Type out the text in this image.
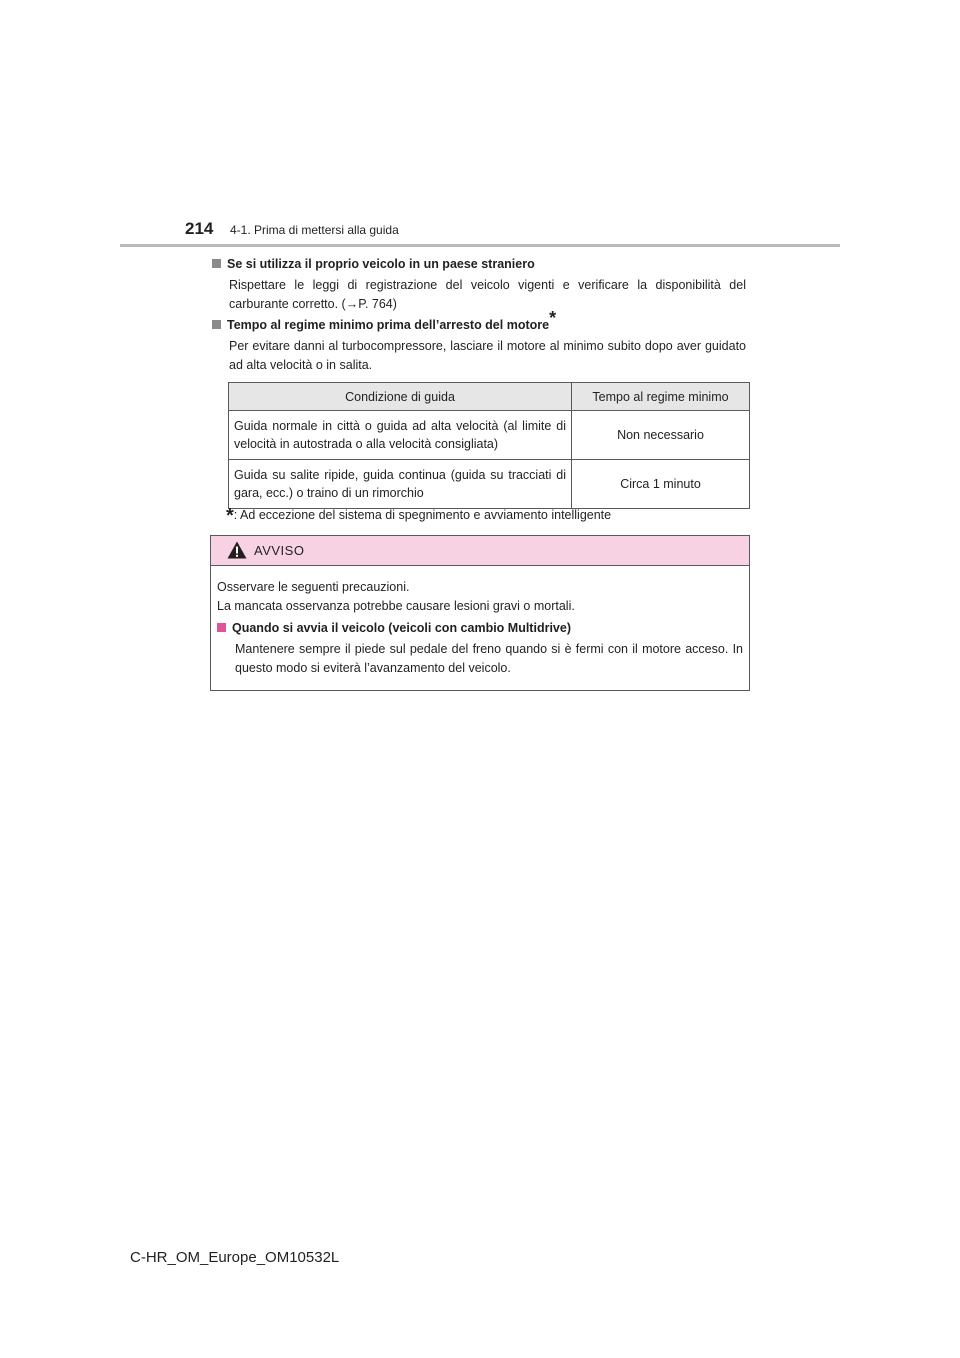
214 4-1. Prima di mettersi alla guida
Se si utilizza il proprio veicolo in un paese straniero
Rispettare le leggi di registrazione del veicolo vigenti e verificare la disponibilità del carburante corretto. (→P. 764)
Tempo al regime minimo prima dell’arresto del motore*
Per evitare danni al turbocompressore, lasciare il motore al minimo subito dopo aver guidato ad alta velocità o in salita.
Condizione di guida	Tempo al regime minimo
Guida normale in città o guida ad alta velocità (al limite di velocità in autostrada o alla velocità consigliata)	Non necessario
Guida su salite ripide, guida continua (guida su tracciati di gara, ecc.) o traino di un rimorchio	Circa 1 minuto
*: Ad eccezione del sistema di spegnimento e avviamento intelligente
AVVISO
Osservare le seguenti precauzioni.
La mancata osservanza potrebbe causare lesioni gravi o mortali.
Quando si avvia il veicolo (veicoli con cambio Multidrive)
Mantenere sempre il piede sul pedale del freno quando si è fermi con il motore acceso. In questo modo si eviterà l’avanzamento del veicolo.
C-HR_OM_Europe_OM10532L
